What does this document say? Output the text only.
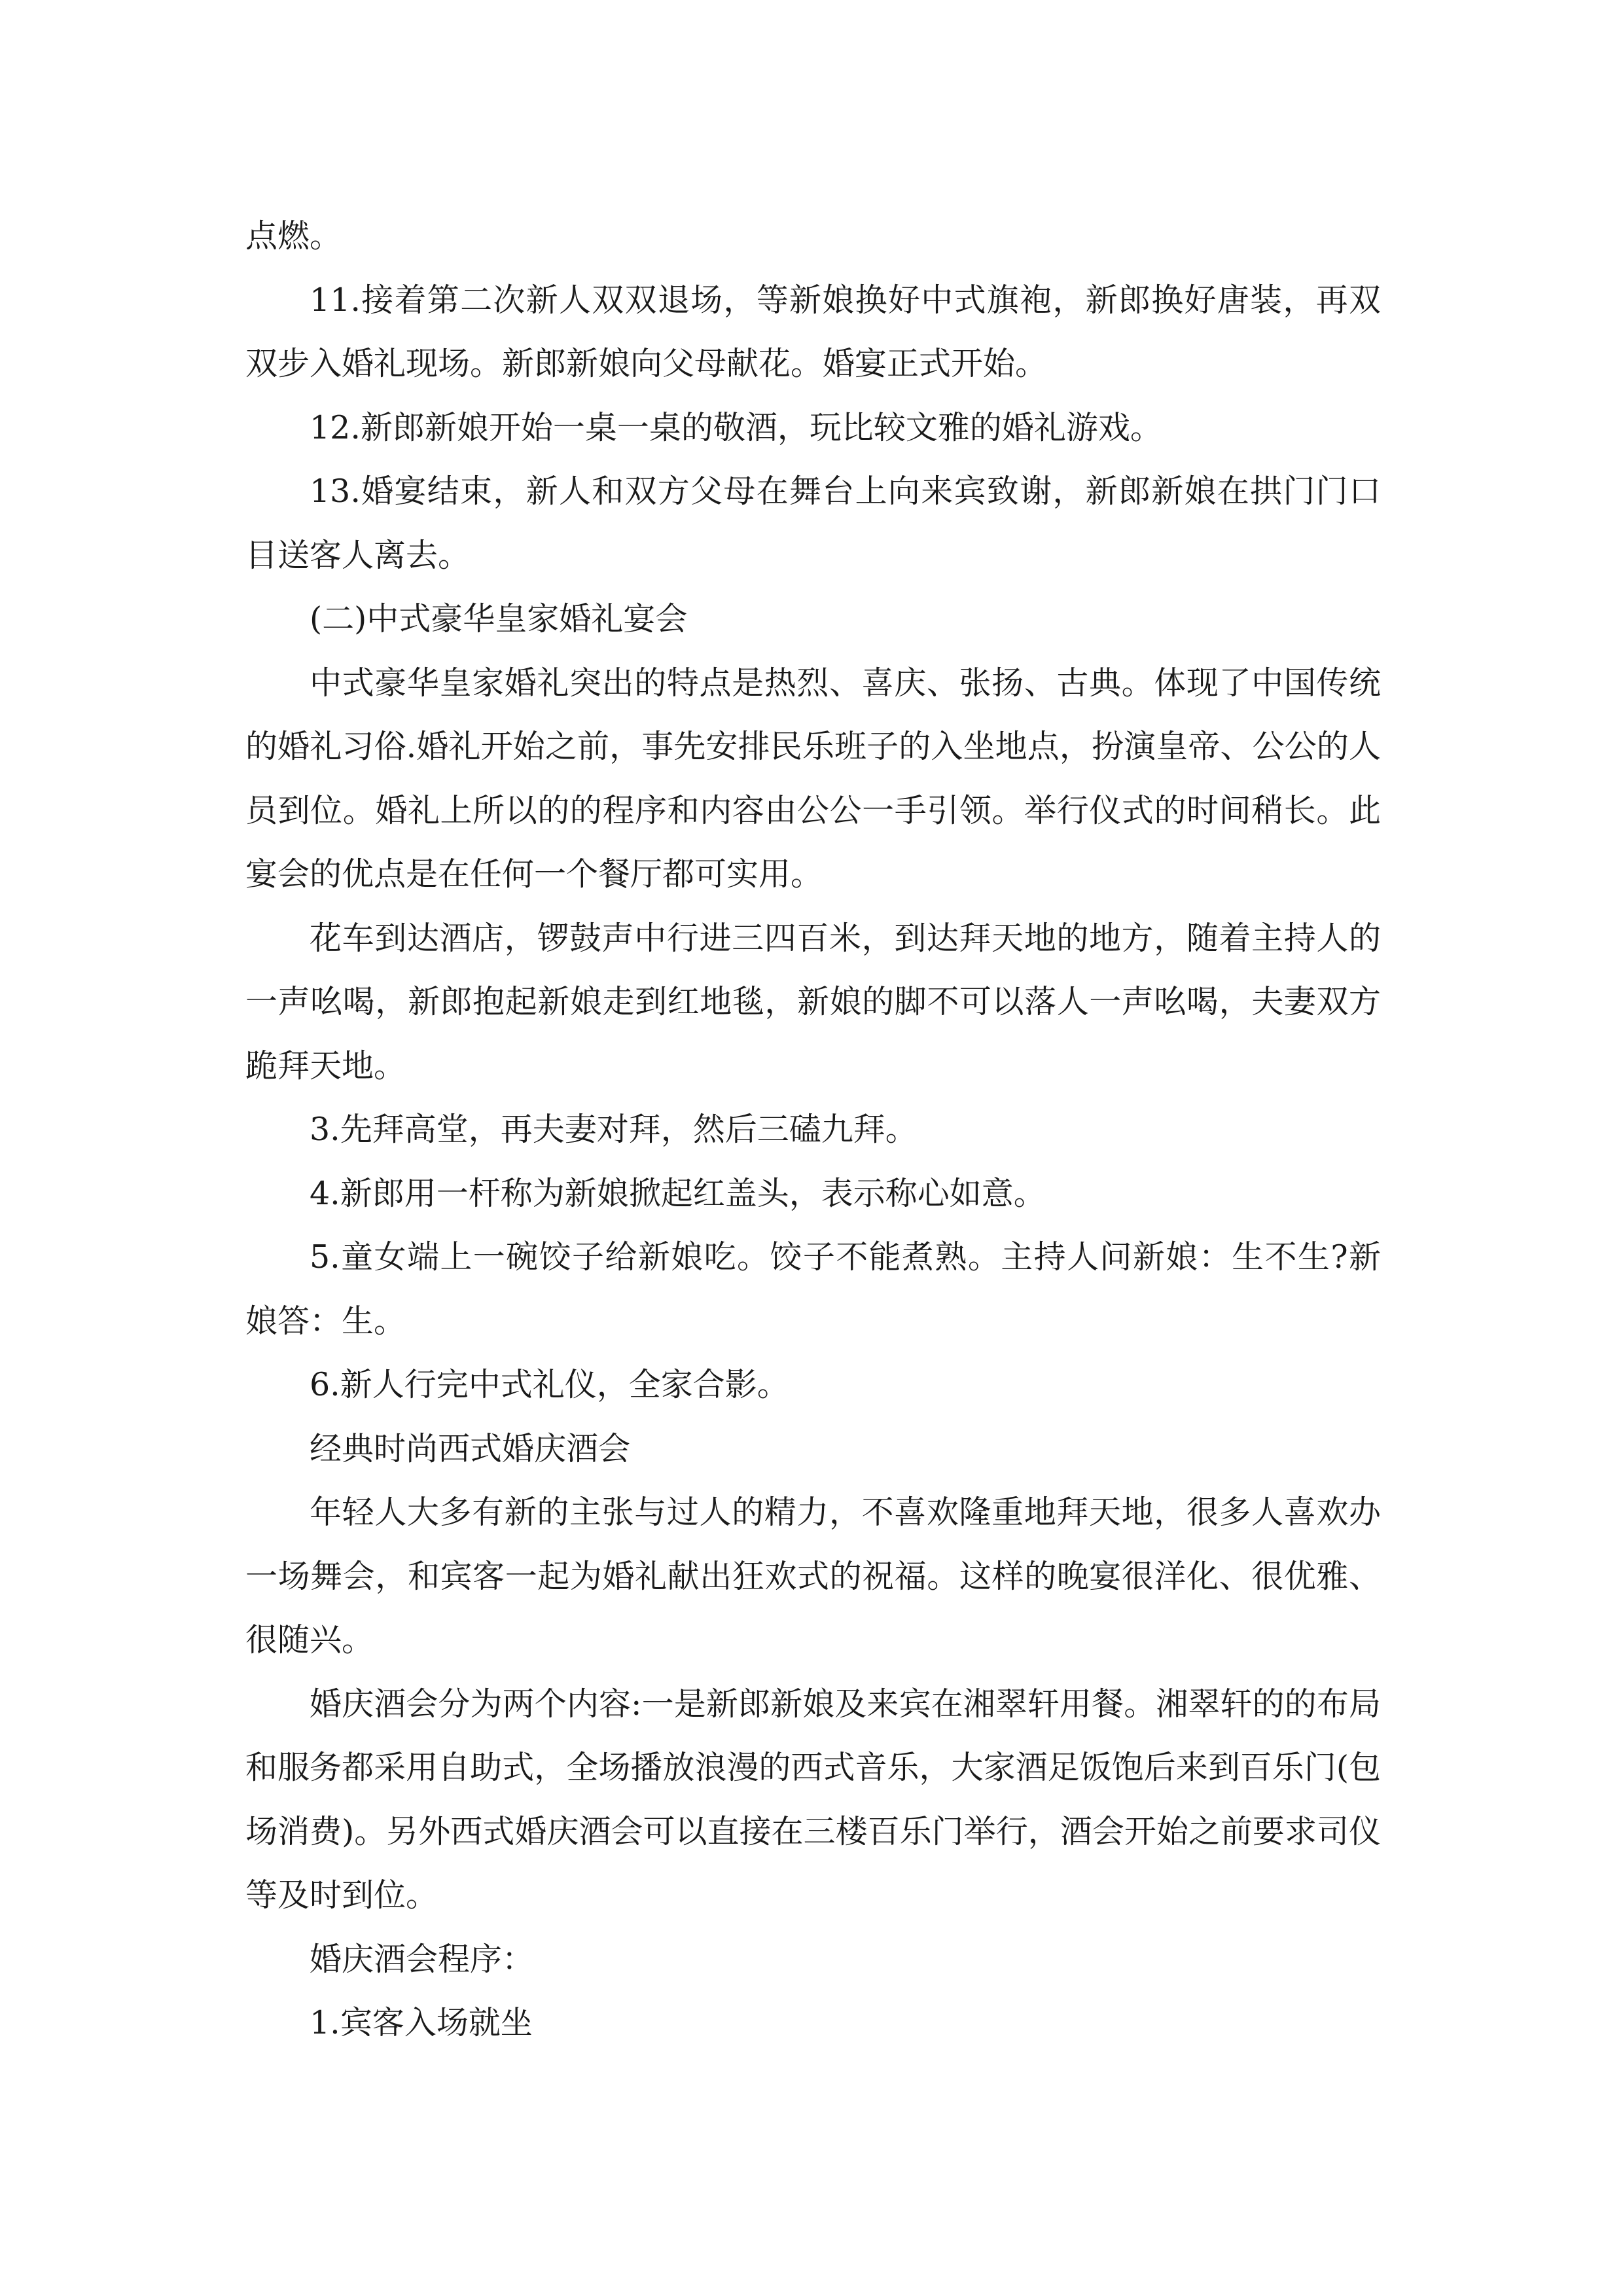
点燃。

11.接着第二次新人双双退场，等新娘换好中式旗袍，新郎换好唐装，再双双步入婚礼现场。新郎新娘向父母献花。婚宴正式开始。

12.新郎新娘开始一桌一桌的敬酒，玩比较文雅的婚礼游戏。

13.婚宴结束，新人和双方父母在舞台上向来宾致谢，新郎新娘在拱门门口目送客人离去。

(二)中式豪华皇家婚礼宴会

中式豪华皇家婚礼突出的特点是热烈、喜庆、张扬、古典。体现了中国传统的婚礼习俗.婚礼开始之前，事先安排民乐班子的入坐地点，扮演皇帝、公公的人员到位。婚礼上所以的的程序和内容由公公一手引领。举行仪式的时间稍长。此宴会的优点是在任何一个餐厅都可实用。

花车到达酒店，锣鼓声中行进三四百米，到达拜天地的地方，随着主持人的一声吆喝，新郎抱起新娘走到红地毯，新娘的脚不可以落人一声吆喝，夫妻双方跪拜天地。

3.先拜高堂，再夫妻对拜，然后三磕九拜。

4.新郎用一杆称为新娘掀起红盖头，表示称心如意。

5.童女端上一碗饺子给新娘吃。饺子不能煮熟。主持人问新娘：生不生?新娘答：生。

6.新人行完中式礼仪，全家合影。

经典时尚西式婚庆酒会

年轻人大多有新的主张与过人的精力，不喜欢隆重地拜天地，很多人喜欢办一场舞会，和宾客一起为婚礼献出狂欢式的祝福。这样的晚宴很洋化、很优雅、很随兴。

婚庆酒会分为两个内容:一是新郎新娘及来宾在湘翠轩用餐。湘翠轩的的布局和服务都采用自助式，全场播放浪漫的西式音乐，大家酒足饭饱后来到百乐门(包场消费)。另外西式婚庆酒会可以直接在三楼百乐门举行，酒会开始之前要求司仪等及时到位。

婚庆酒会程序：

1.宾客入场就坐
